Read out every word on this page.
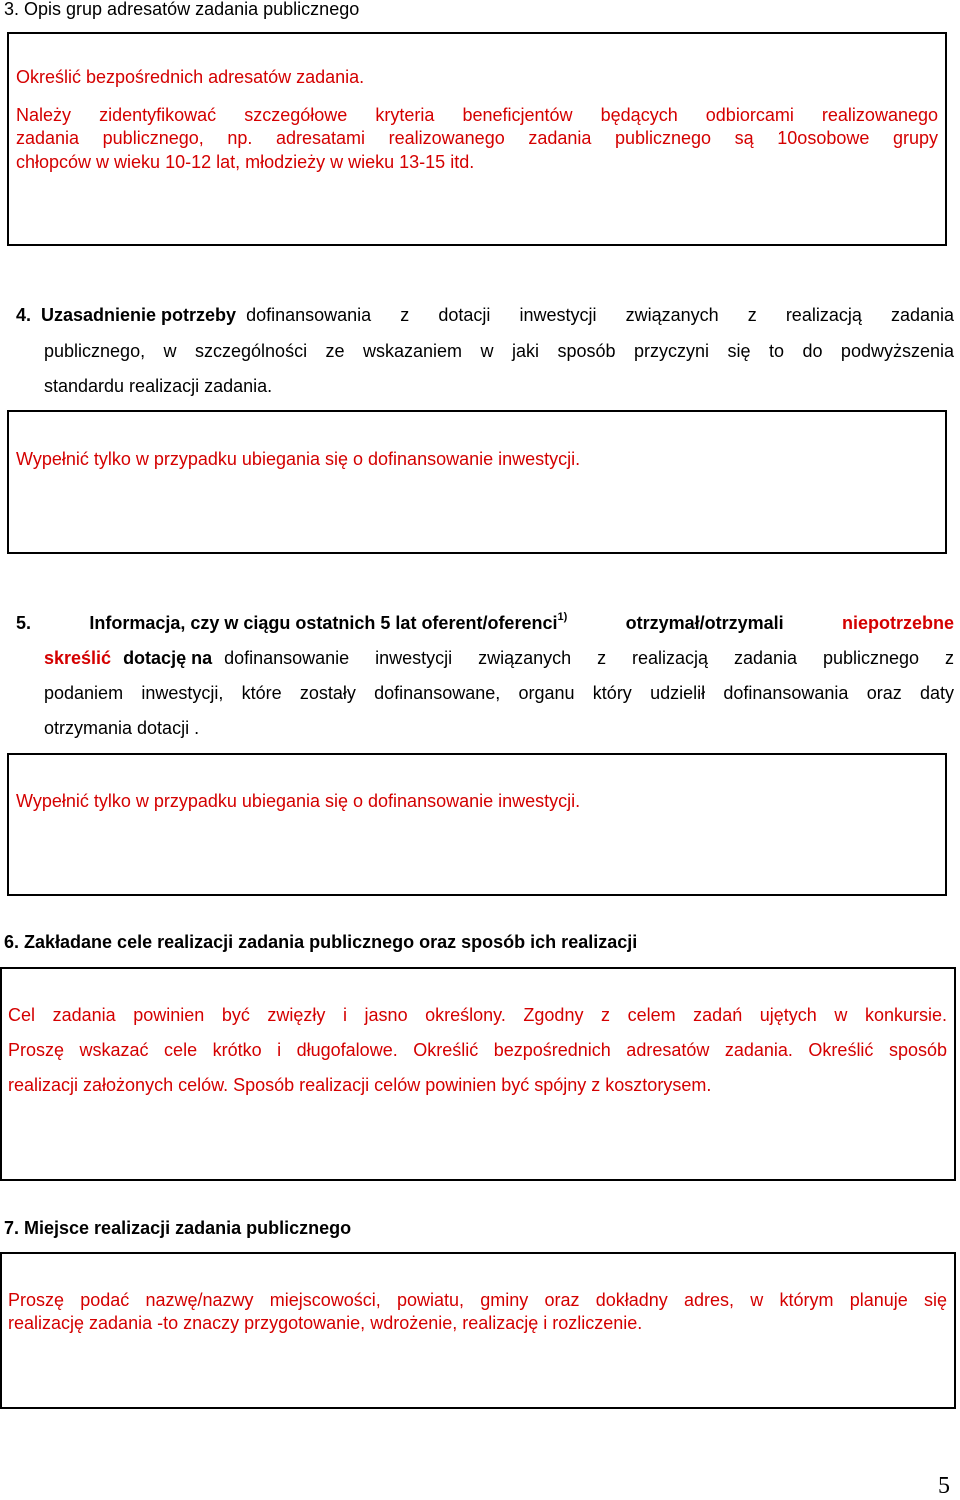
3. Opis grup adresatów zadania publicznego
Określić bezpośrednich adresatów zadania.
Należy zidentyfikować szczegółowe kryteria beneficjentów będących odbiorcami realizowanego
zadania publicznego, np. adresatami realizowanego zadania publicznego są 10osobowe grupy
chłopców w wieku 10-12 lat, młodzieży w wieku 13-15 itd.
4. Uzasadnienie potrzeby dofinansowania z dotacji inwestycji związanych z realizacją zadania
publicznego, w szczególności ze wskazaniem w jaki sposób przyczyni się to do podwyższenia
standardu realizacji zadania.
Wypełnić tylko w przypadku ubiegania się o dofinansowanie inwestycji.
5.	Informacja, czy w ciągu ostatnich 5 lat oferent/oferenci$^{1)}$	otrzymał/otrzymali	niepotrzebne
skreślić dotację na dofinansowanie inwestycji związanych z realizacją zadania publicznego z
podaniem inwestycji, które zostały dofinansowane, organu który udzielił dofinansowania oraz daty
otrzymania dotacji .
Wypełnić tylko w przypadku ubiegania się o dofinansowanie inwestycji.
6. Zakładane cele realizacji zadania publicznego oraz sposób ich realizacji
Cel zadania powinien być zwięzły i jasno określony. Zgodny z celem zadań ujętych w konkursie.
Proszę wskazać cele krótko i długofalowe. Określić bezpośrednich adresatów zadania. Określić sposób
realizacji założonych celów. Sposób realizacji celów powinien być spójny z kosztorysem.
7. Miejsce realizacji zadania publicznego
Proszę podać nazwę/nazwy miejscowości, powiatu, gminy oraz dokładny adres, w którym planuje się
realizację zadania -to znaczy przygotowanie, wdrożenie, realizację i rozliczenie.
5
